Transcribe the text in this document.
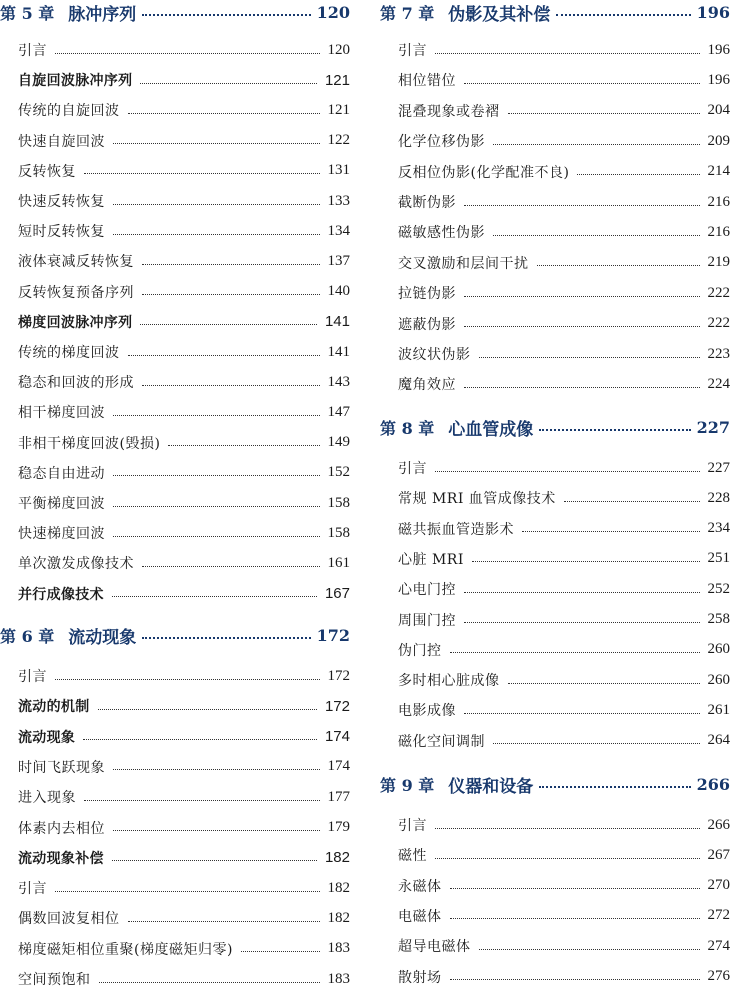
第 5 章 脉冲序列	120
引言	120
自旋回波脉冲序列	121
传统的自旋回波	121
快速自旋回波	122
反转恢复	131
快速反转恢复	133
短时反转恢复	134
液体衰减反转恢复	137
反转恢复预备序列	140
梯度回波脉冲序列	141
传统的梯度回波	141
稳态和回波的形成	143
相干梯度回波	147
非相干梯度回波(毁损)	149
稳态自由进动	152
平衡梯度回波	158
快速梯度回波	158
单次激发成像技术	161
并行成像技术	167
第 6 章 流动现象	172
引言	172
流动的机制	172
流动现象	174
时间飞跃现象	174
进入现象	177
体素内去相位	179
流动现象补偿	182
引言	182
偶数回波复相位	182
梯度磁矩相位重聚(梯度磁矩归零)	183
空间预饱和	183
第 7 章 伪影及其补偿	196
引言	196
相位错位	196
混叠现象或卷褶	204
化学位移伪影	209
反相位伪影(化学配准不良)	214
截断伪影	216
磁敏感性伪影	216
交叉激励和层间干扰	219
拉链伪影	222
遮蔽伪影	222
波纹状伪影	223
魔角效应	224
第 8 章 心血管成像	227
引言	227
常规 MRI 血管成像技术	228
磁共振血管造影术	234
心脏 MRI	251
心电门控	252
周围门控	258
伪门控	260
多时相心脏成像	260
电影成像	261
磁化空间调制	264
第 9 章 仪器和设备	266
引言	266
磁性	267
永磁体	270
电磁体	272
超导电磁体	274
散射场	276
